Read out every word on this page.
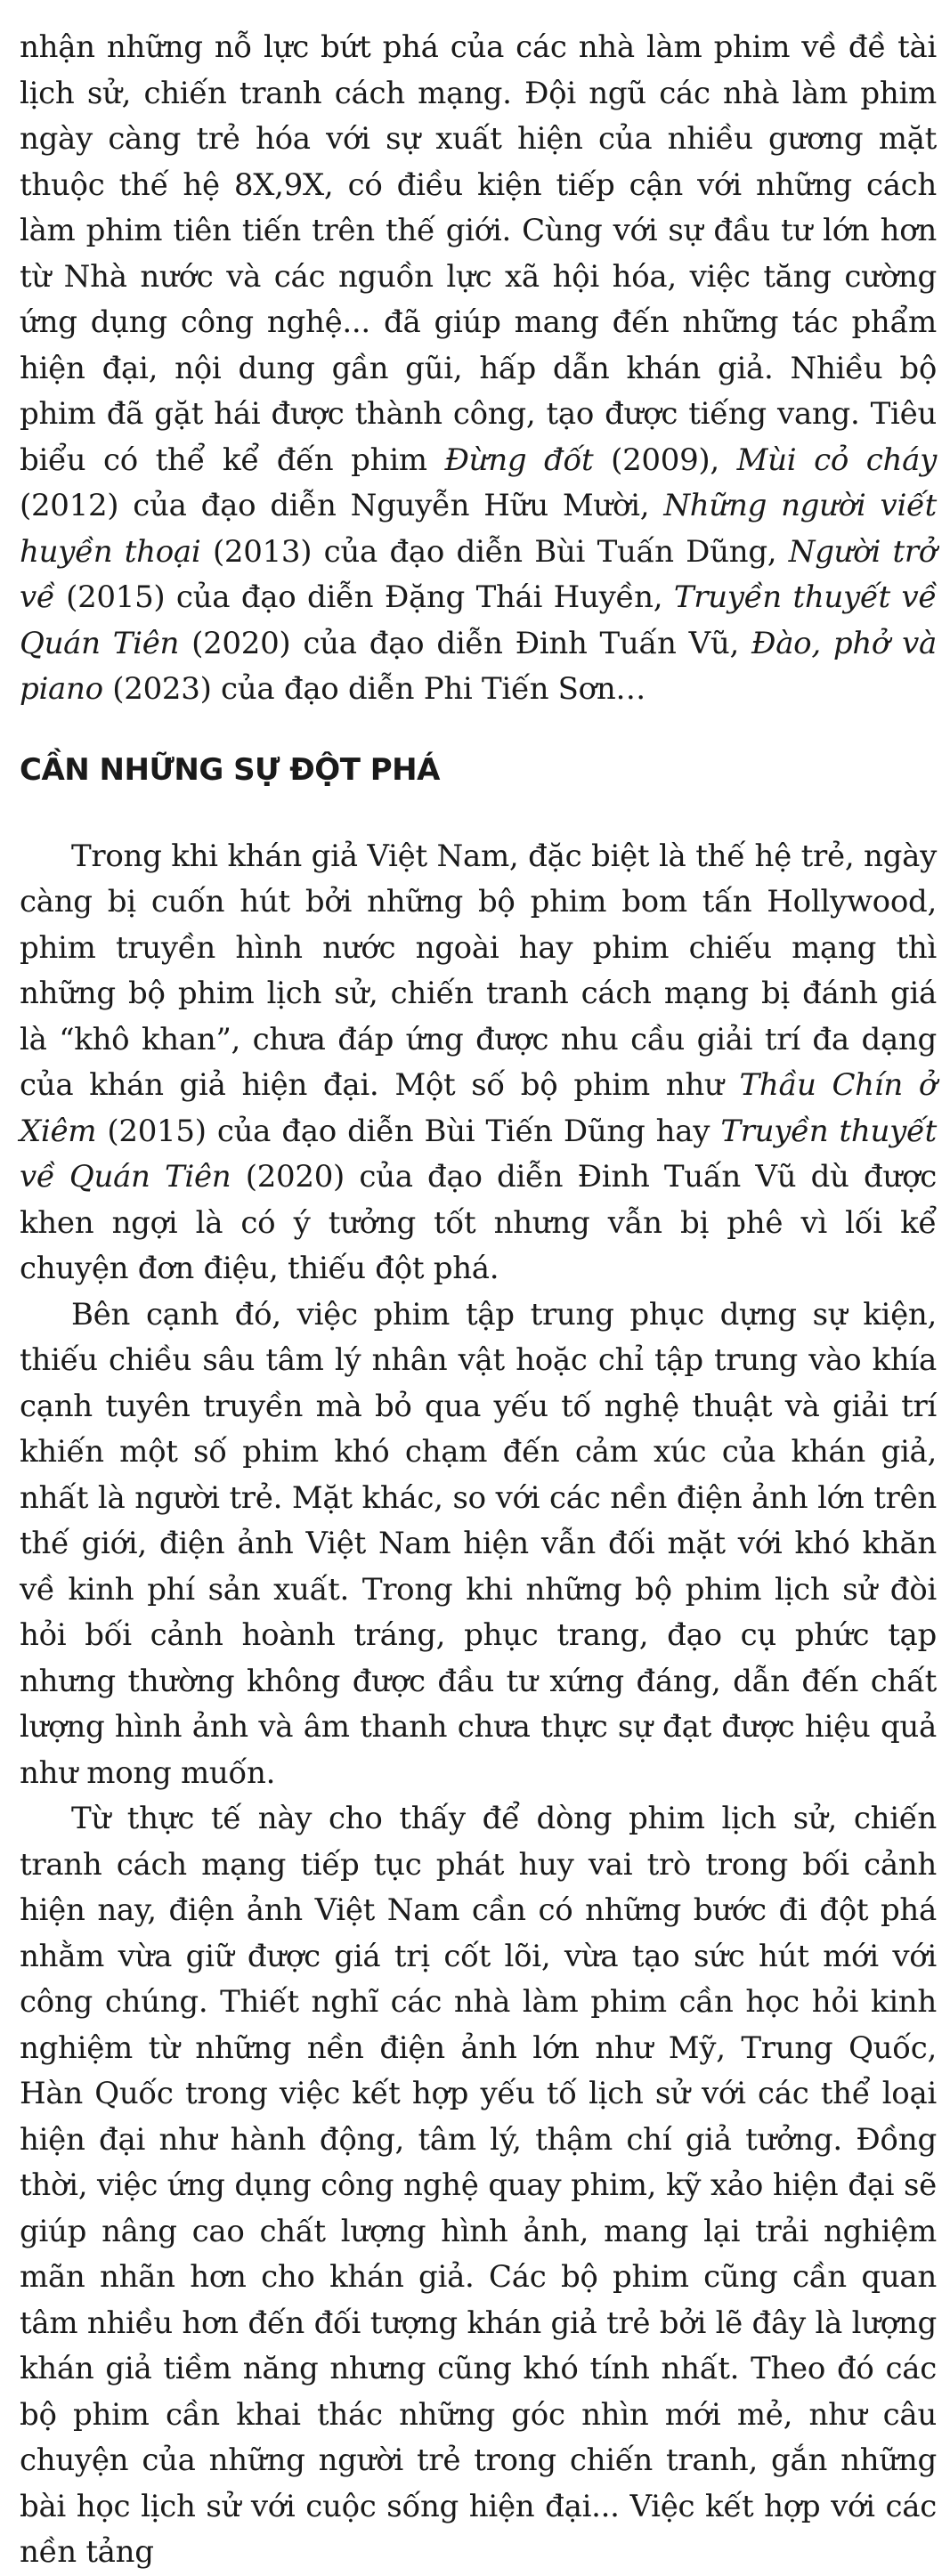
nhận những nỗ lực bứt phá của các nhà làm phim về đề tài lịch sử, chiến tranh cách mạng. Đội ngũ các nhà làm phim ngày càng trẻ hóa với sự xuất hiện của nhiều gương mặt thuộc thế hệ 8X,9X, có điều kiện tiếp cận với những cách làm phim tiên tiến trên thế giới. Cùng với sự đầu tư lớn hơn từ Nhà nước và các nguồn lực xã hội hóa, việc tăng cường ứng dụng công nghệ... đã giúp mang đến những tác phẩm hiện đại, nội dung gần gũi, hấp dẫn khán giả. Nhiều bộ phim đã gặt hái được thành công, tạo được tiếng vang. Tiêu biểu có thể kể đến phim Đừng đốt (2009), Mùi cỏ cháy (2012) của đạo diễn Nguyễn Hữu Mười, Những người viết huyền thoại (2013) của đạo diễn Bùi Tuấn Dũng, Người trở về (2015) của đạo diễn Đặng Thái Huyền, Truyền thuyết về Quán Tiên (2020) của đạo diễn Đinh Tuấn Vũ, Đào, phở và piano (2023) của đạo diễn Phi Tiến Sơn…

CẦN NHỮNG SỰ ĐỘT PHÁ

Trong khi khán giả Việt Nam, đặc biệt là thế hệ trẻ, ngày càng bị cuốn hút bởi những bộ phim bom tấn Hollywood, phim truyền hình nước ngoài hay phim chiếu mạng thì những bộ phim lịch sử, chiến tranh cách mạng bị đánh giá là “khô khan”, chưa đáp ứng được nhu cầu giải trí đa dạng của khán giả hiện đại. Một số bộ phim như Thầu Chín ở Xiêm (2015) của đạo diễn Bùi Tiến Dũng hay Truyền thuyết về Quán Tiên (2020) của đạo diễn Đinh Tuấn Vũ dù được khen ngợi là có ý tưởng tốt nhưng vẫn bị phê vì lối kể chuyện đơn điệu, thiếu đột phá.

Bên cạnh đó, việc phim tập trung phục dựng sự kiện, thiếu chiều sâu tâm lý nhân vật hoặc chỉ tập trung vào khía cạnh tuyên truyền mà bỏ qua yếu tố nghệ thuật và giải trí khiến một số phim khó chạm đến cảm xúc của khán giả, nhất là người trẻ. Mặt khác, so với các nền điện ảnh lớn trên thế giới, điện ảnh Việt Nam hiện vẫn đối mặt với khó khăn về kinh phí sản xuất. Trong khi những bộ phim lịch sử đòi hỏi bối cảnh hoành tráng, phục trang, đạo cụ phức tạp nhưng thường không được đầu tư xứng đáng, dẫn đến chất lượng hình ảnh và âm thanh chưa thực sự đạt được hiệu quả như mong muốn.

Từ thực tế này cho thấy để dòng phim lịch sử, chiến tranh cách mạng tiếp tục phát huy vai trò trong bối cảnh hiện nay, điện ảnh Việt Nam cần có những bước đi đột phá nhằm vừa giữ được giá trị cốt lõi, vừa tạo sức hút mới với công chúng. Thiết nghĩ các nhà làm phim cần học hỏi kinh nghiệm từ những nền điện ảnh lớn như Mỹ, Trung Quốc, Hàn Quốc trong việc kết hợp yếu tố lịch sử với các thể loại hiện đại như hành động, tâm lý, thậm chí giả tưởng. Đồng thời, việc ứng dụng công nghệ quay phim, kỹ xảo hiện đại sẽ giúp nâng cao chất lượng hình ảnh, mang lại trải nghiệm mãn nhãn hơn cho khán giả. Các bộ phim cũng cần quan tâm nhiều hơn đến đối tượng khán giả trẻ bởi lẽ đây là lượng khán giả tiềm năng nhưng cũng khó tính nhất. Theo đó các bộ phim cần khai thác những góc nhìn mới mẻ, như câu chuyện của những người trẻ trong chiến tranh, gắn những bài học lịch sử với cuộc sống hiện đại... Việc kết hợp với các nền tảng
